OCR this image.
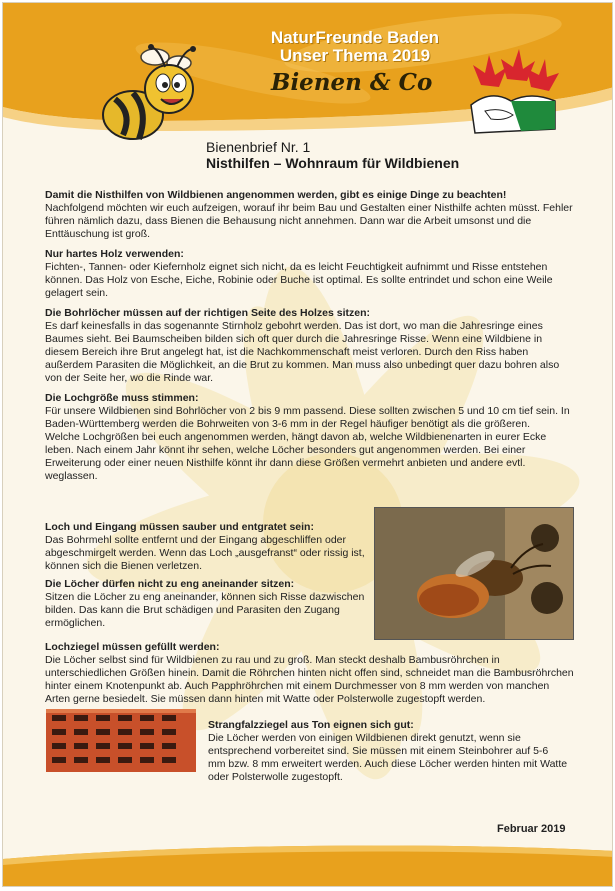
NaturFreunde Baden
Unser Thema 2019
Bienen & Co
Bienenbrief Nr. 1
Nisthilfen – Wohnraum für Wildbienen
Damit die Nisthilfen von Wildbienen angenommen werden, gibt es einige Dinge zu beachten!

Nachfolgend möchten wir euch aufzeigen, worauf ihr beim Bau und Gestalten einer Nisthilfe achten müsst. Fehler führen nämlich dazu, dass Bienen die Behausung nicht annehmen. Dann war die Arbeit umsonst und die Enttäuschung ist groß.

Nur hartes Holz verwenden:

Fichten-, Tannen- oder Kiefernholz eignet sich nicht, da es leicht Feuchtigkeit aufnimmt und Risse entstehen können. Das Holz von Esche, Eiche, Robinie oder Buche ist optimal. Es sollte entrindet und schon eine Weile gelagert sein.

Die Bohrlöcher müssen auf der richtigen Seite des Holzes sitzen:

Es darf keinesfalls in das sogenannte Stirnholz gebohrt werden. Das ist dort, wo man die Jahresringe eines Baumes sieht. Bei Baumscheiben bilden sich oft quer durch die Jahresringe Risse. Wenn eine Wildbiene in diesem Bereich ihre Brut angelegt hat, ist die Nachkommenschaft meist verloren. Durch den Riss haben außerdem Parasiten die Möglichkeit, an die Brut zu kommen. Man muss also unbedingt quer dazu bohren also von der Seite her, wo die Rinde war.

Die Lochgröße muss stimmen:

Für unsere Wildbienen sind Bohrlöcher von 2 bis 9 mm passend. Diese sollten zwischen 5 und 10 cm tief sein. In Baden-Württemberg werden die Bohrweiten von 3-6 mm in der Regel häufiger benötigt als die größeren.

Welche Lochgrößen bei euch angenommen werden, hängt davon ab, welche Wildbienenarten in eurer Ecke leben. Nach einem Jahr könnt ihr sehen, welche Löcher besonders gut angenommen werden. Bei einer Erweiterung oder einer neuen Nisthilfe könnt ihr dann diese Größen vermehrt anbieten und andere evtl. weglassen.

Loch und Eingang müssen sauber und entgratet sein:
Das Bohrmehl sollte entfernt und der Eingang abgeschliffen oder abgeschmirgelt werden. Wenn das Loch „ausgefranst“ oder rissig ist, können sich die Bienen verletzen.
Die Löcher dürfen nicht zu eng aneinander sitzen:
Sitzen die Löcher zu eng aneinander, können sich Risse dazwischen bilden. Das kann die Brut schädigen und Parasiten den Zugang ermöglichen.
Lochziegel müssen gefüllt werden:
Die Löcher selbst sind für Wildbienen zu rau und zu groß. Man steckt deshalb Bambusröhrchen in unterschiedlichen Größen hinein. Damit die Röhrchen hinten nicht offen sind, schneidet man die Bambusröhrchen hinter einem Knotenpunkt ab. Auch Papphröhrchen mit einem Durchmesser von 8 mm werden von manchen Arten gerne besiedelt. Sie müssen dann hinten mit Watte oder Polsterwolle zugestopft werden.
Strangfalzziegel aus Ton eignen sich gut:
Die Löcher werden von einigen Wildbienen direkt genutzt, wenn sie entsprechend vorbereitet sind. Sie müssen mit einem Steinbohrer auf 5-6 mm bzw. 8 mm erweitert werden. Auch diese Löcher werden hinten mit Watte oder Polsterwolle zugestopft.
Februar 2019
